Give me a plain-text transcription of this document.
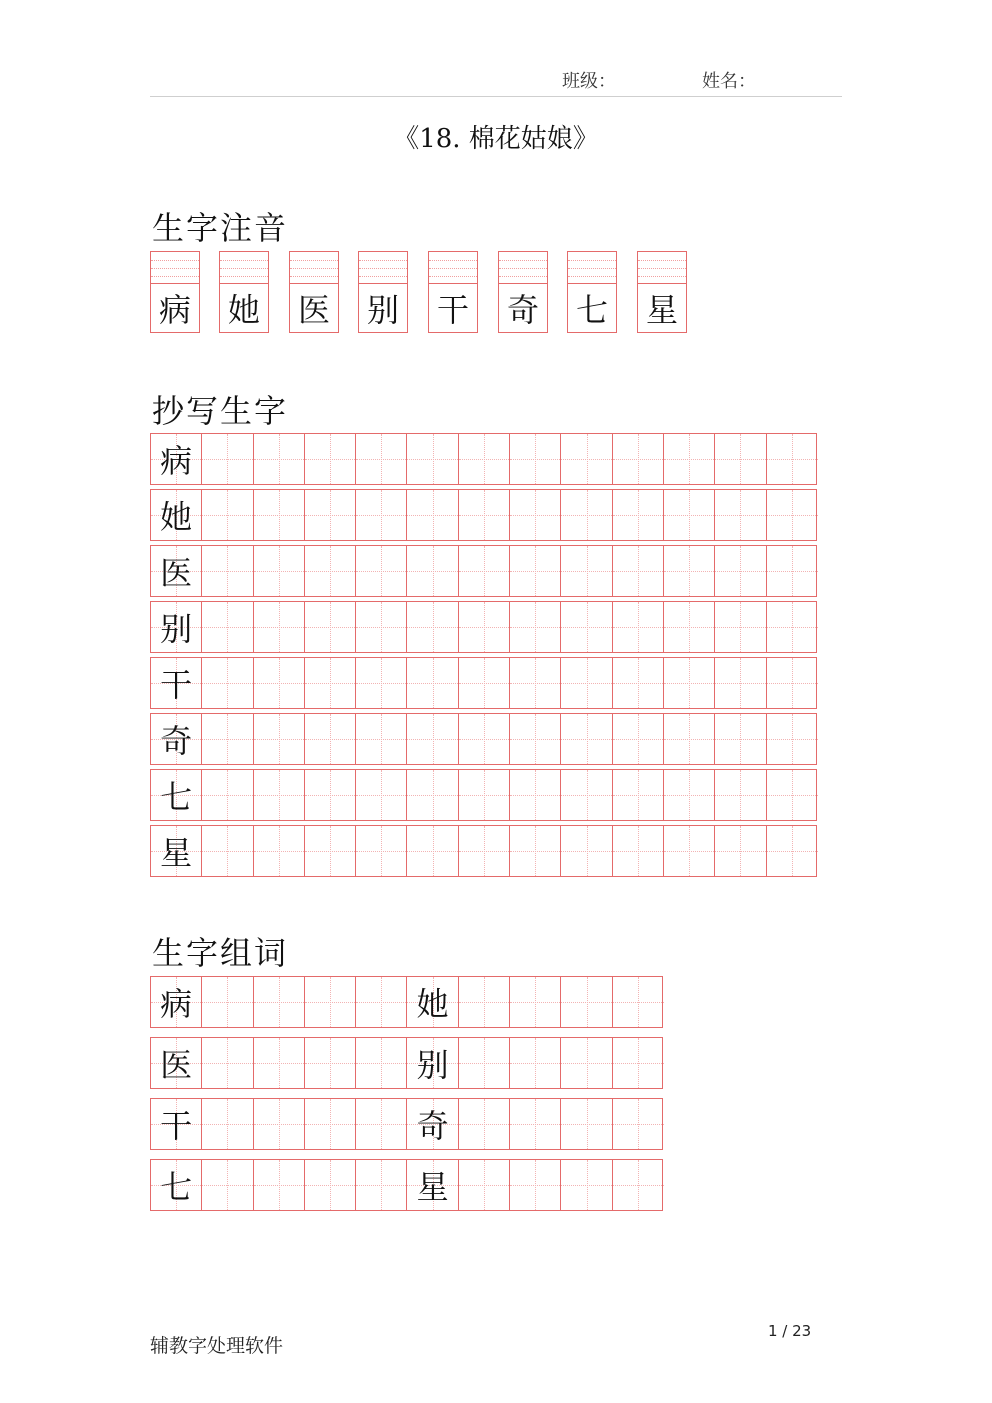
班级：	姓名：
《18. 棉花姑娘》
生字注音
病 她 医 别 干 奇 七 星
抄写生字
病
她
医
别
干
奇
七
星
生字组词
病	她
医	别
干	奇
七	星
辅教字处理软件
1 / 23
